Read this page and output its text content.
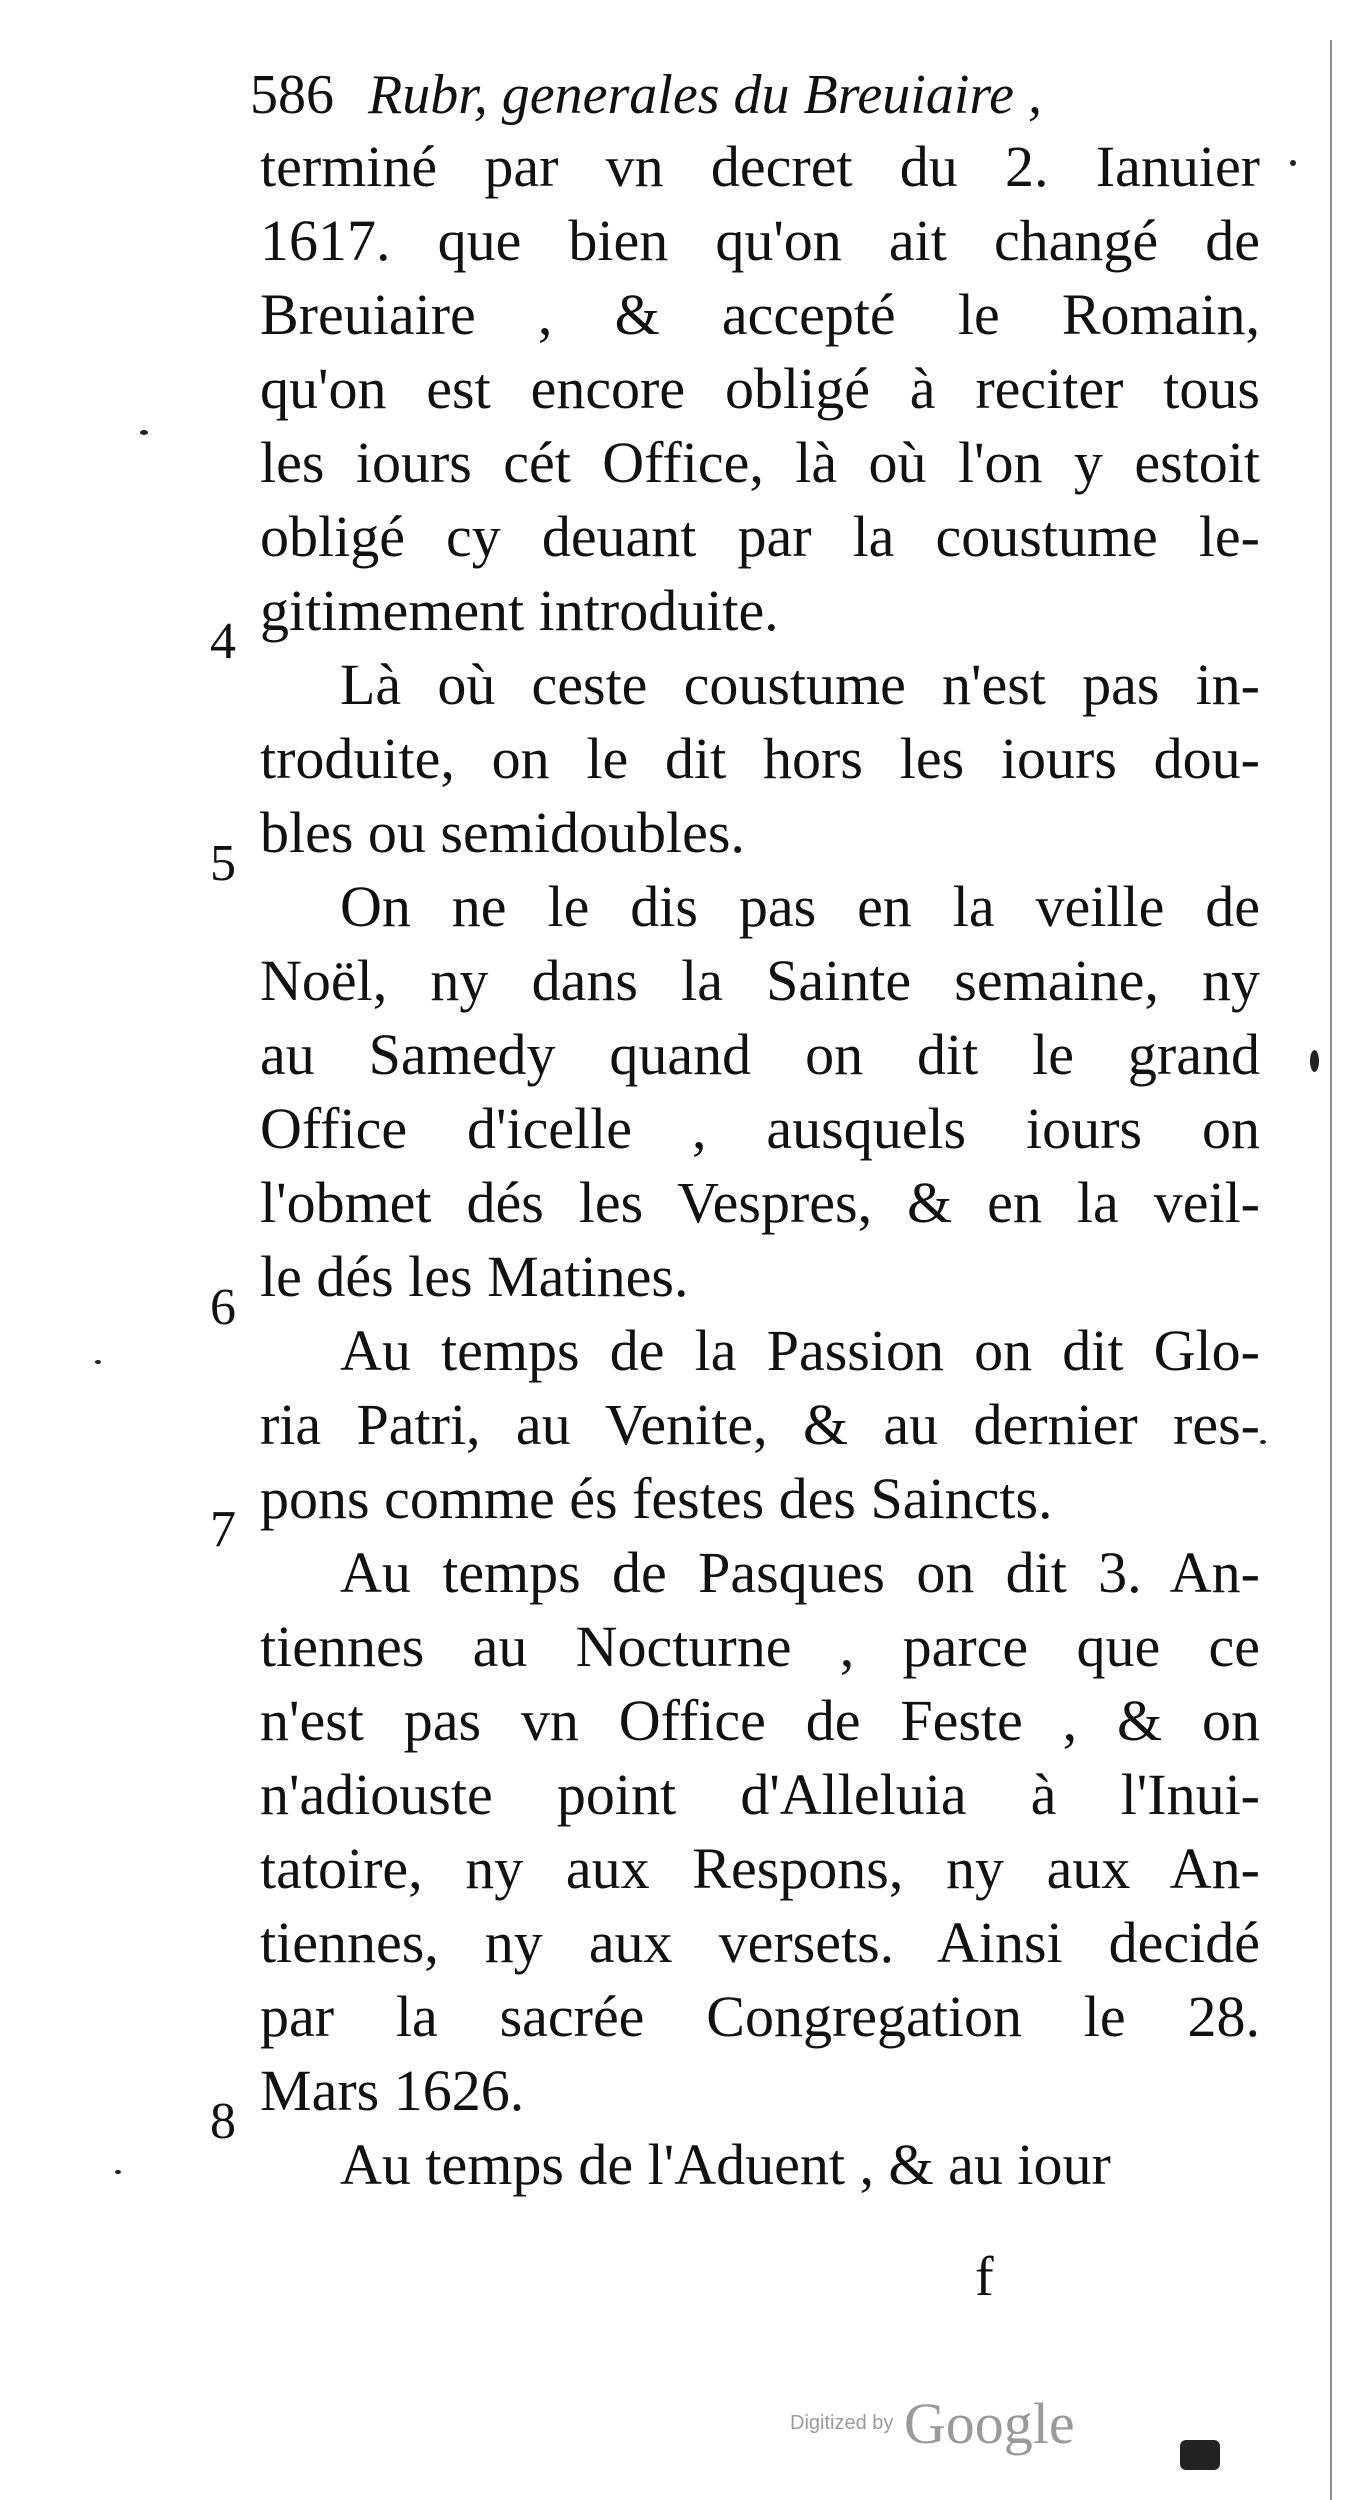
586 Rubr, generales du Breuiaire ,
4
5
6
7
8
terminé par vn decret du 2. Ianuier
1617. que bien qu'on ait changé de
Breuiaire , & accepté le Romain,
qu'on est encore obligé à reciter tous
les iours cét Office, là où l'on y estoit
obligé cy deuant par la coustume le-
gitimement introduite.
Là où ceste coustume n'est pas in-
troduite, on le dit hors les iours dou-
bles ou semidoubles.
On ne le dis pas en la veille de
Noël, ny dans la Sainte semaine, ny
au Samedy quand on dit le grand
Office d'icelle , ausquels iours on
l'obmet dés les Vespres, & en la veil-
le dés les Matines.
Au temps de la Passion on dit Glo-
ria Patri, au Venite, & au dernier res-
pons comme és festes des Saincts.
Au temps de Pasques on dit 3. An-
tiennes au Nocturne , parce que ce
n'est pas vn Office de Feste , & on
n'adiouste point d'Alleluia à l'Inui-
tatoire, ny aux Respons, ny aux An-
tiennes, ny aux versets. Ainsi decidé
par la sacrée Congregation le 28.
Mars 1626.
Au temps de l'Aduent , & au iour
f
Digitized by Google
